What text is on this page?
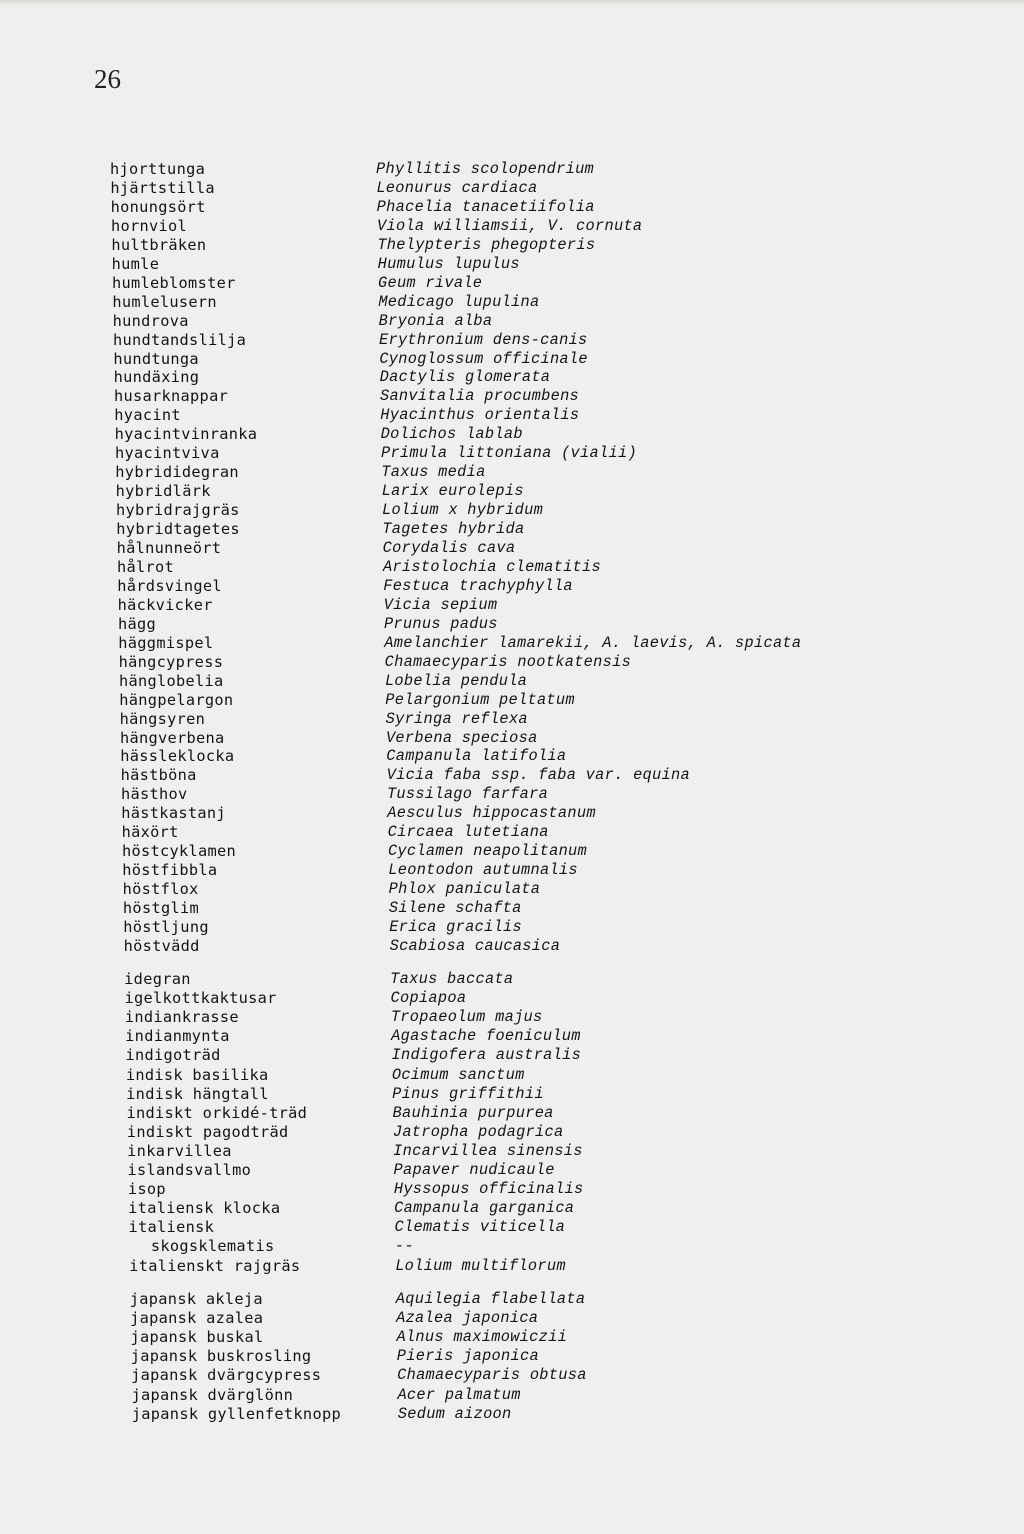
26
hjorttunga	Phyllitis scolopendrium
hjärtstilla	Leonurus cardiaca
honungsört	Phacelia tanacetiifolia
hornviol	Viola williamsii, V. cornuta
hultbräken	Thelypteris phegopteris
humle	Humulus lupulus
humleblomster	Geum rivale
humlelusern	Medicago lupulina
hundrova	Bryonia alba
hundtandslilja	Erythronium dens-canis
hundtunga	Cynoglossum officinale
hundäxing	Dactylis glomerata
husarknappar	Sanvitalia procumbens
hyacint	Hyacinthus orientalis
hyacintvinranka	Dolichos lablab
hyacintviva	Primula littoniana (vialii)
hybrididegran	Taxus media
hybridlärk	Larix eurolepis
hybridrajgräs	Lolium x hybridum
hybridtagetes	Tagetes hybrida
hålnunneört	Corydalis cava
hålrot	Aristolochia clematitis
hårdsvingel	Festuca trachyphylla
häckvicker	Vicia sepium
hägg	Prunus padus
häggmispel	Amelanchier lamarekii, A. laevis, A. spicata
hängcypress	Chamaecyparis nootkatensis
hänglobelia	Lobelia pendula
hängpelargon	Pelargonium peltatum
hängsyren	Syringa reflexa
hängverbena	Verbena speciosa
hässleklocka	Campanula latifolia
hästböna	Vicia faba ssp. faba var. equina
hästhov	Tussilago farfara
hästkastanj	Aesculus hippocastanum
häxört	Circaea lutetiana
höstcyklamen	Cyclamen neapolitanum
höstfibbla	Leontodon autumnalis
höstflox	Phlox paniculata
höstglim	Silene schafta
höstljung	Erica gracilis
höstvädd	Scabiosa caucasica
idegran	Taxus baccata
igelkottkaktusar	Copiapoa
indiankrasse	Tropaeolum majus
indianmynta	Agastache foeniculum
indigoträd	Indigofera australis
indisk basilika	Ocimum sanctum
indisk hängtall	Pinus griffithii
indiskt orkidé-träd	Bauhinia purpurea
indiskt pagodträd	Jatropha podagrica
inkarvillea	Incarvillea sinensis
islandsvallmo	Papaver nudicaule
isop	Hyssopus officinalis
italiensk klocka	Campanula garganica
italiensk	Clematis viticella
skogsklematis	--
italienskt rajgräs	Lolium multiflorum
japansk akleja	Aquilegia flabellata
japansk azalea	Azalea japonica
japansk buskal	Alnus maximowiczii
japansk buskrosling	Pieris japonica
japansk dvärgcypress	Chamaecyparis obtusa
japansk dvärglönn	Acer palmatum
japansk gyllenfetknopp	Sedum aizoon
